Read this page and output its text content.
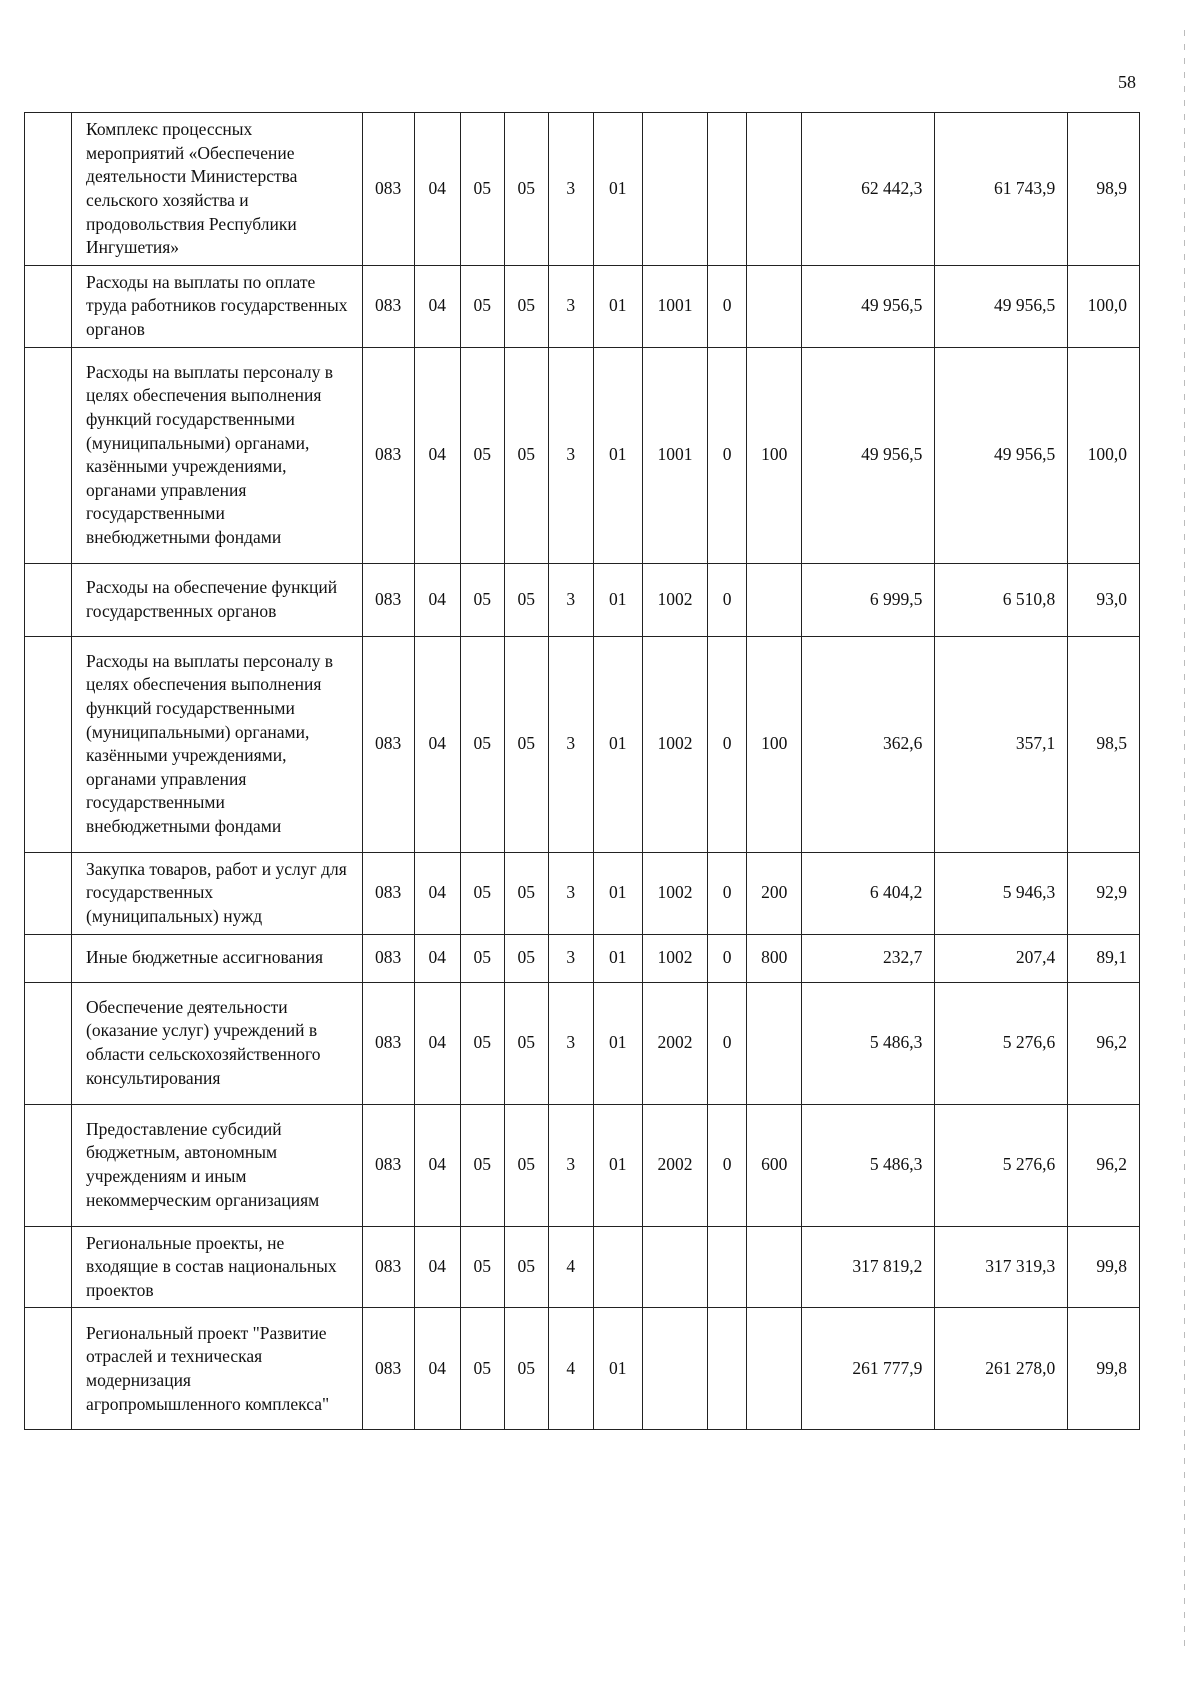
58
	Комплекс процессных мероприятий «Обеспечение деятельности Министерства сельского хозяйства и продовольствия Республики Ингушетия»	083	04	05	05	3	01				62 442,3	61 743,9	98,9
	Расходы на выплаты по оплате труда работников государственных органов	083	04	05	05	3	01	1001	0		49 956,5	49 956,5	100,0
	Расходы на выплаты персоналу в целях обеспечения выполнения функций государственными (муниципальными) органами, казёнными учреждениями, органами управления государственными внебюджетными фондами	083	04	05	05	3	01	1001	0	100	49 956,5	49 956,5	100,0
	Расходы на обеспечение функций государственных органов	083	04	05	05	3	01	1002	0		6 999,5	6 510,8	93,0
	Расходы на выплаты персоналу в целях обеспечения выполнения функций государственными (муниципальными) органами, казёнными учреждениями, органами управления государственными внебюджетными фондами	083	04	05	05	3	01	1002	0	100	362,6	357,1	98,5
	Закупка товаров, работ и услуг для государственных (муниципальных) нужд	083	04	05	05	3	01	1002	0	200	6 404,2	5 946,3	92,9
	Иные бюджетные ассигнования	083	04	05	05	3	01	1002	0	800	232,7	207,4	89,1
	Обеспечение деятельности (оказание услуг) учреждений в области сельскохозяйственного консультирования	083	04	05	05	3	01	2002	0		5 486,3	5 276,6	96,2
	Предоставление субсидий бюджетным, автономным учреждениям и иным некоммерческим организациям	083	04	05	05	3	01	2002	0	600	5 486,3	5 276,6	96,2
	Региональные проекты, не входящие в состав национальных проектов	083	04	05	05	4					317 819,2	317 319,3	99,8
	Региональный проект "Развитие отраслей и техническая модернизация агропромышленного комплекса"	083	04	05	05	4	01				261 777,9	261 278,0	99,8
